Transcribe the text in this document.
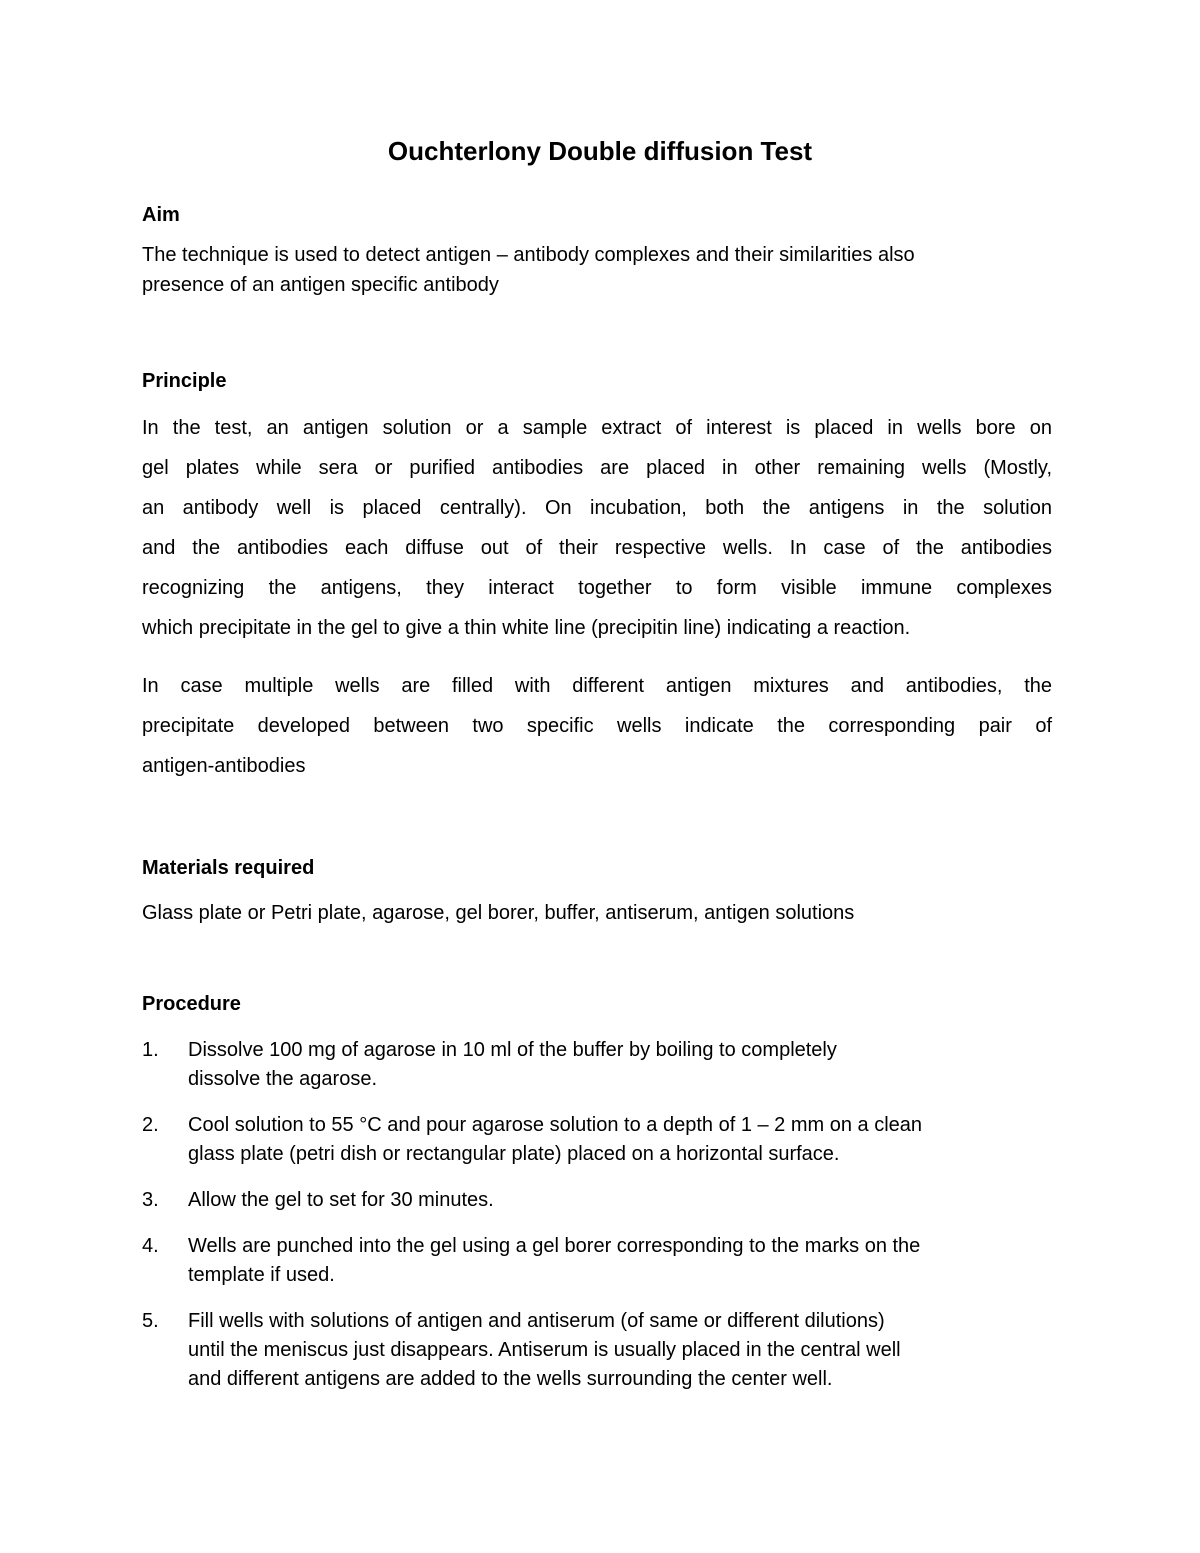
Ouchterlony Double diffusion Test
Aim

The technique is used to detect antigen – antibody complexes and their similarities also
presence of an antigen specific antibody

Principle
In the test, an antigen solution or a sample extract of interest is placed in wells bore on
gel plates while sera or purified antibodies are placed in other remaining wells (Mostly,
an antibody well is placed centrally). On incubation, both the antigens in the solution
and the antibodies each diffuse out of their respective wells. In case of the antibodies
recognizing the antigens, they interact together to form visible immune complexes
which precipitate in the gel to give a thin white line (precipitin line) indicating a reaction.
In case multiple wells are filled with different antigen mixtures and antibodies, the
precipitate developed between two specific wells indicate the corresponding pair of
antigen-antibodies
Materials required

Glass plate or Petri plate, agarose, gel borer, buffer, antiserum, antigen solutions

Procedure
1. Dissolve 100 mg of agarose in 10 ml of the buffer by boiling to completely
dissolve the agarose.
2. Cool solution to 55 °C and pour agarose solution to a depth of 1 – 2 mm on a clean
glass plate (petri dish or rectangular plate) placed on a horizontal surface.
3. Allow the gel to set for 30 minutes.
4. Wells are punched into the gel using a gel borer corresponding to the marks on the
template if used.
5. Fill wells with solutions of antigen and antiserum (of same or different dilutions)
until the meniscus just disappears. Antiserum is usually placed in the central well
and different antigens are added to the wells surrounding the center well.
